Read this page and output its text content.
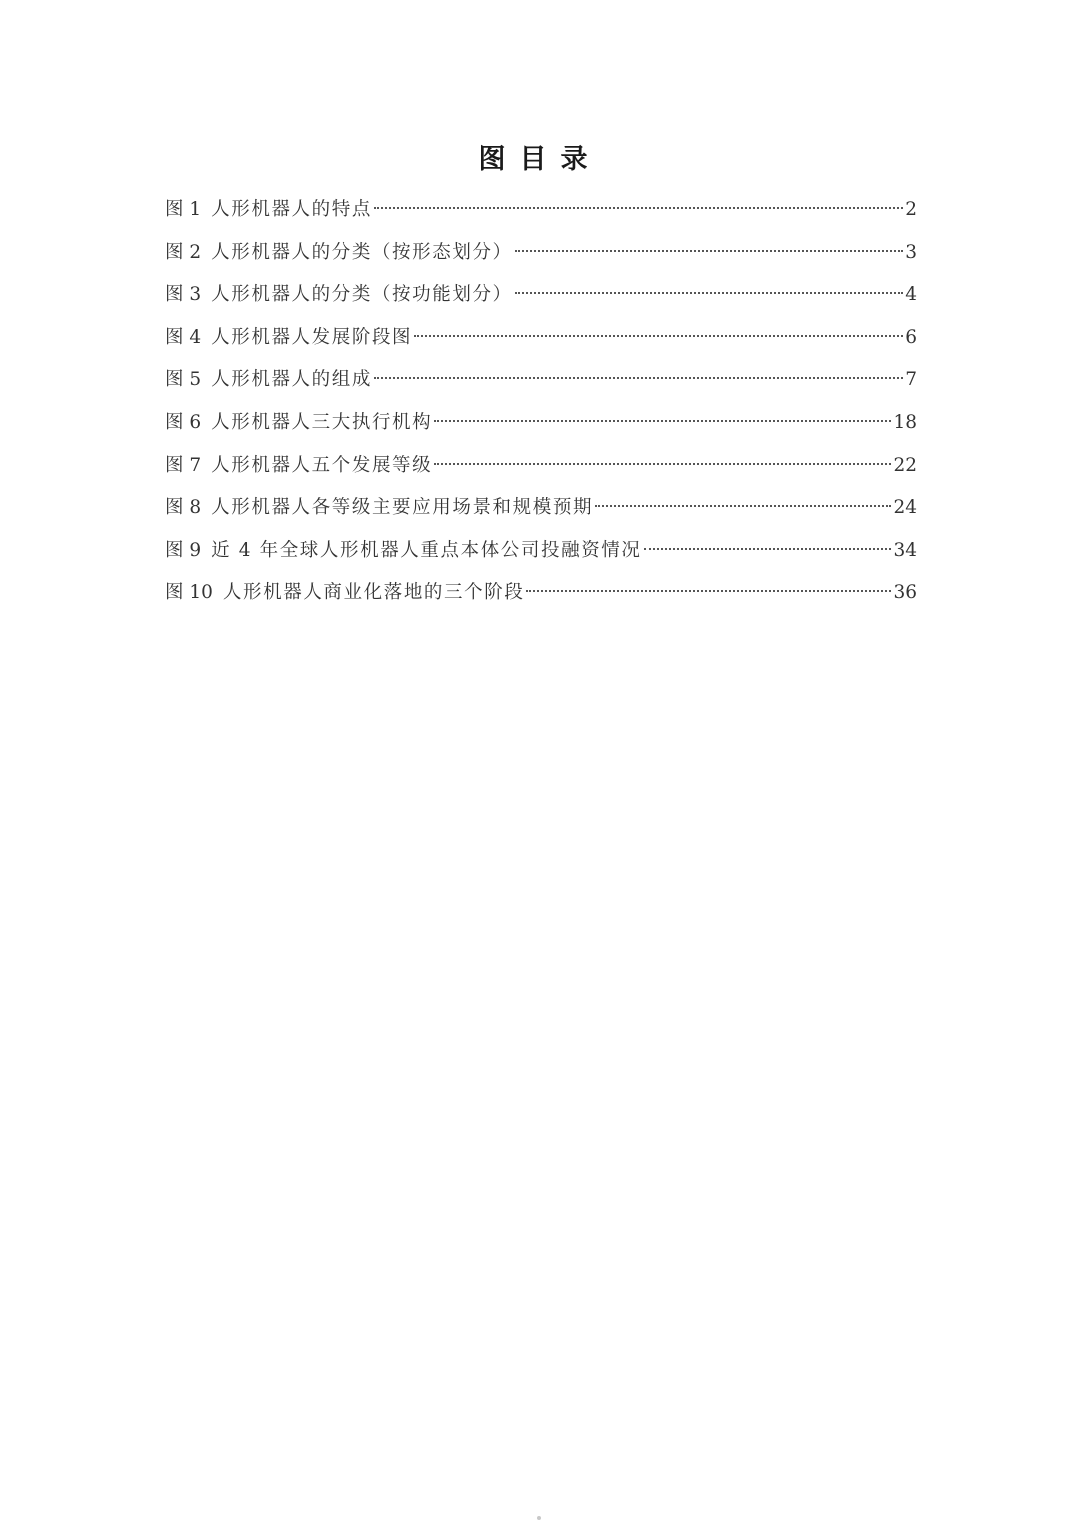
图目录
图 1 人形机器人的特点	2
图 2 人形机器人的分类（按形态划分）	3
图 3 人形机器人的分类（按功能划分）	4
图 4 人形机器人发展阶段图	6
图 5 人形机器人的组成	7
图 6 人形机器人三大执行机构	18
图 7 人形机器人五个发展等级	22
图 8 人形机器人各等级主要应用场景和规模预期	24
图 9 近 4 年全球人形机器人重点本体公司投融资情况	34
图 10 人形机器人商业化落地的三个阶段	36
